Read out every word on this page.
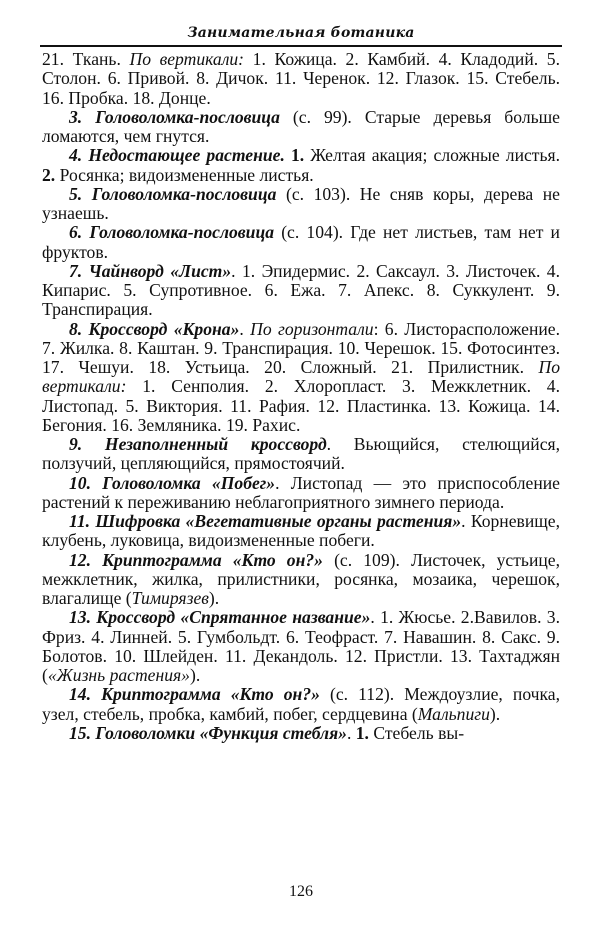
Занимательная ботаника

21. Ткань. По вертикали: 1. Кожица. 2. Камбий. 4. Кладодий. 5. Столон. 6. Привой. 8. Дичок. 11. Черенок. 12. Глазок. 15. Стебель. 16. Пробка. 18. Донце.

3. Головоломка-пословица (с. 99). Старые деревья больше ломаются, чем гнутся.

4. Недостающее растение. 1. Желтая акация; сложные листья. 2. Росянка; видоизмененные листья.

5. Головоломка-пословица (с. 103). Не сняв коры, дерева не узнаешь.

6. Головоломка-пословица (с. 104). Где нет листьев, там нет и фруктов.

7. Чайнворд «Лист». 1. Эпидермис. 2. Саксаул. 3. Листочек. 4. Кипарис. 5. Супротивное. 6. Ежа. 7. Апекс. 8. Суккулент. 9. Транспирация.

8. Кроссворд «Крона». По горизонтали: 6. Листорасположение. 7. Жилка. 8. Каштан. 9. Транспирация. 10. Черешок. 15. Фотосинтез. 17. Чешуи. 18. Устьица. 20. Сложный. 21. Прилистник. По вертикали: 1. Сенполия. 2. Хлоропласт. 3. Межклетник. 4. Листопад. 5. Виктория. 11. Рафия. 12. Пластинка. 13. Кожица. 14. Бегония. 16. Земляника. 19. Рахис.

9. Незаполненный кроссворд. Вьющийся, стелющийся, ползучий, цепляющийся, прямостоячий.

10. Головоломка «Побег». Листопад — это приспособление растений к переживанию неблагоприятного зимнего периода.

11. Шифровка «Вегетативные органы растения». Корневище, клубень, луковица, видоизмененные побеги.

12. Криптограмма «Кто он?» (с. 109). Листочек, устьице, межклетник, жилка, прилистники, росянка, мозаика, черешок, влагалище (Тимирязев).

13. Кроссворд «Спрятанное название». 1. Жюсье. 2.Вавилов. 3. Фриз. 4. Линней. 5. Гумбольдт. 6. Теофраст. 7. Навашин. 8. Сакс. 9. Болотов. 10. Шлейден. 11. Декандоль. 12. Пристли. 13. Тахтаджян («Жизнь растения»).

14. Криптограмма «Кто он?» (с. 112). Междоузлие, почка, узел, стебель, пробка, камбий, побег, сердцевина (Мальпиги).

15. Головоломки «Функция стебля». 1. Стебель вы-

126
